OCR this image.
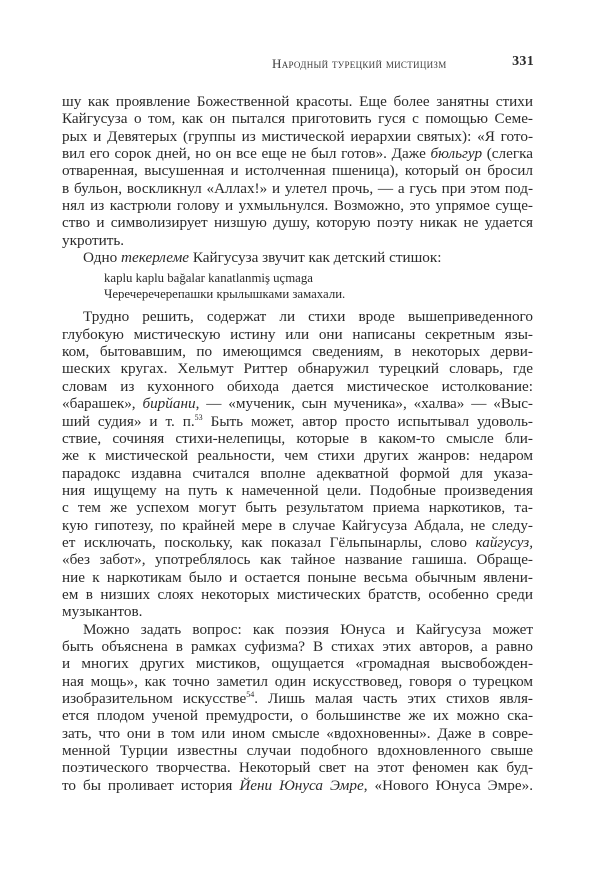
Народный турецкий мистицизм	331
шу как проявление Божественной красоты. Еще более занятны стихи
Кайгусуза о том, как он пытался приготовить гуся с помощью Семе-
рых и Девятерых (группы из мистической иерархии святых): «Я гото-
вил его сорок дней, но он все еще не был готов». Даже бюльгур (слегка
отваренная, высушенная и истолченная пшеница), который он бросил
в бульон, воскликнул «Аллах!» и улетел прочь, — а гусь при этом под-
нял из кастрюли голову и ухмыльнулся. Возможно, это упрямое суще-
ство и символизирует низшую душу, которую поэту никак не удается
укротить.
Одно текерлеме Кайгусуза звучит как детский стишок:
kaplu kaplu bağalar kanatlanmiş uçmaga
Черечеречерепашки крылышками замахали.
Трудно решить, содержат ли стихи вроде вышеприведенного
глубокую мистическую истину или они написаны секретным язы-
ком, бытовавшим, по имеющимся сведениям, в некоторых дерви-
шеских кругах. Хельмут Риттер обнаружил турецкий словарь, где
словам из кухонного обихода дается мистическое истолкование:
«барашек», бирйани, — «мученик, сын мученика», «халва» — «Выс-
ший судия» и т. п.$^{53}$ Быть может, автор просто испытывал удоволь-
ствие, сочиняя стихи-нелепицы, которые в каком-то смысле бли-
же к мистической реальности, чем стихи других жанров: недаром
парадокс издавна считался вполне адекватной формой для указа-
ния ищущему на путь к намеченной цели. Подобные произведения
с тем же успехом могут быть результатом приема наркотиков, та-
кую гипотезу, по крайней мере в случае Кайгусуза Абдала, не следу-
ет исключать, поскольку, как показал Гёльпынарлы, слово кайгусуз,
«без забот», употреблялось как тайное название гашиша. Обраще-
ние к наркотикам было и остается поныне весьма обычным явлени-
ем в низших слоях некоторых мистических братств, особенно среди
музыкантов.
Можно задать вопрос: как поэзия Юнуса и Кайгусуза может
быть объяснена в рамках суфизма? В стихах этих авторов, а равно
и многих других мистиков, ощущается «громадная высвобожден-
ная мощь», как точно заметил один искусствовед, говоря о турецком
изобразительном искусстве$^{54}$. Лишь малая часть этих стихов явля-
ется плодом ученой премудрости, о большинстве же их можно ска-
зать, что они в том или ином смысле «вдохновенны». Даже в совре-
менной Турции известны случаи подобного вдохновленного свыше
поэтического творчества. Некоторый свет на этот феномен как буд-
то бы проливает история Йени Юнуса Эмре, «Нового Юнуса Эмре».
